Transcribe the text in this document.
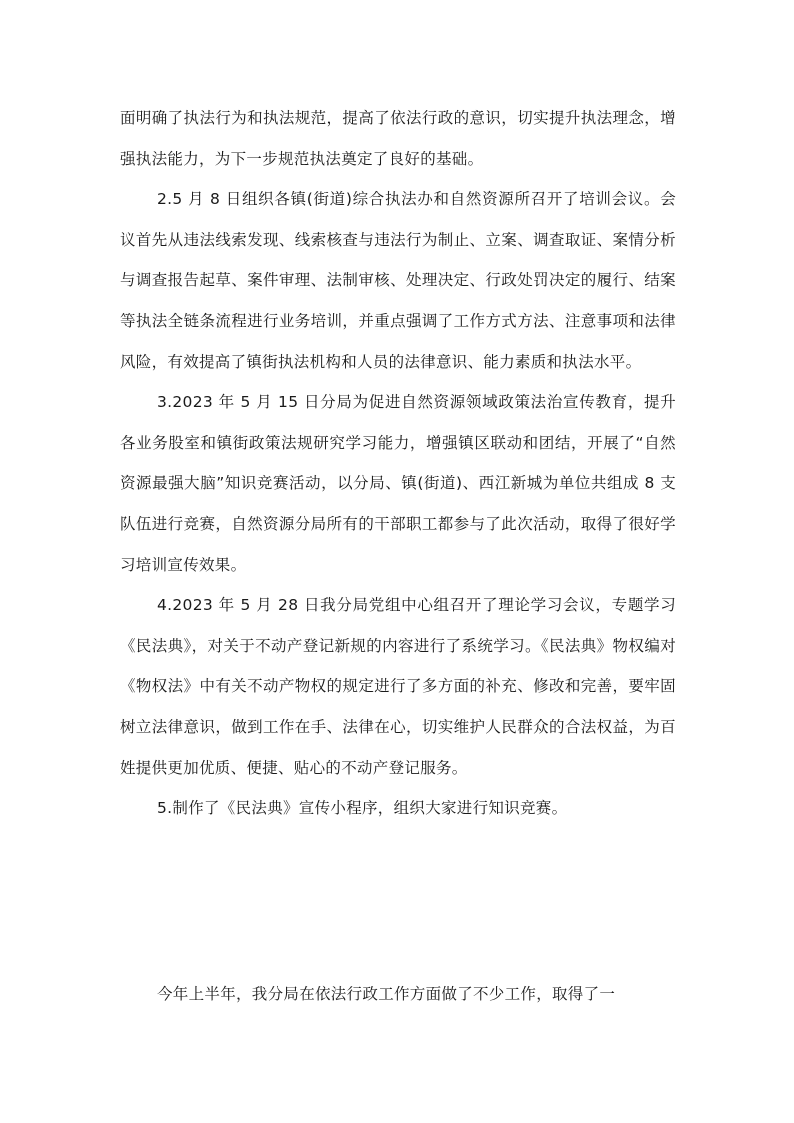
面明确了执法行为和执法规范，提高了依法行政的意识，切实提升执法理念，增强执法能力，为下一步规范执法奠定了良好的基础。

2.5 月 8 日组织各镇(街道)综合执法办和自然资源所召开了培训会议。会议首先从违法线索发现、线索核查与违法行为制止、立案、调查取证、案情分析与调查报告起草、案件审理、法制审核、处理决定、行政处罚决定的履行、结案等执法全链条流程进行业务培训，并重点强调了工作方式方法、注意事项和法律风险，有效提高了镇街执法机构和人员的法律意识、能力素质和执法水平。

3.2023 年 5 月 15 日分局为促进自然资源领域政策法治宣传教育，提升各业务股室和镇街政策法规研究学习能力，增强镇区联动和团结，开展了“自然资源最强大脑”知识竞赛活动，以分局、镇(街道)、西江新城为单位共组成 8 支队伍进行竞赛，自然资源分局所有的干部职工都参与了此次活动，取得了很好学习培训宣传效果。

4.2023 年 5 月 28 日我分局党组中心组召开了理论学习会议，专题学习《民法典》，对关于不动产登记新规的内容进行了系统学习。《民法典》物权编对《物权法》中有关不动产物权的规定进行了多方面的补充、修改和完善，要牢固树立法律意识，做到工作在手、法律在心，切实维护人民群众的合法权益，为百姓提供更加优质、便捷、贴心的不动产登记服务。

5.制作了《民法典》宣传小程序，组织大家进行知识竞赛。

今年上半年，我分局在依法行政工作方面做了不少工作，取得了一
